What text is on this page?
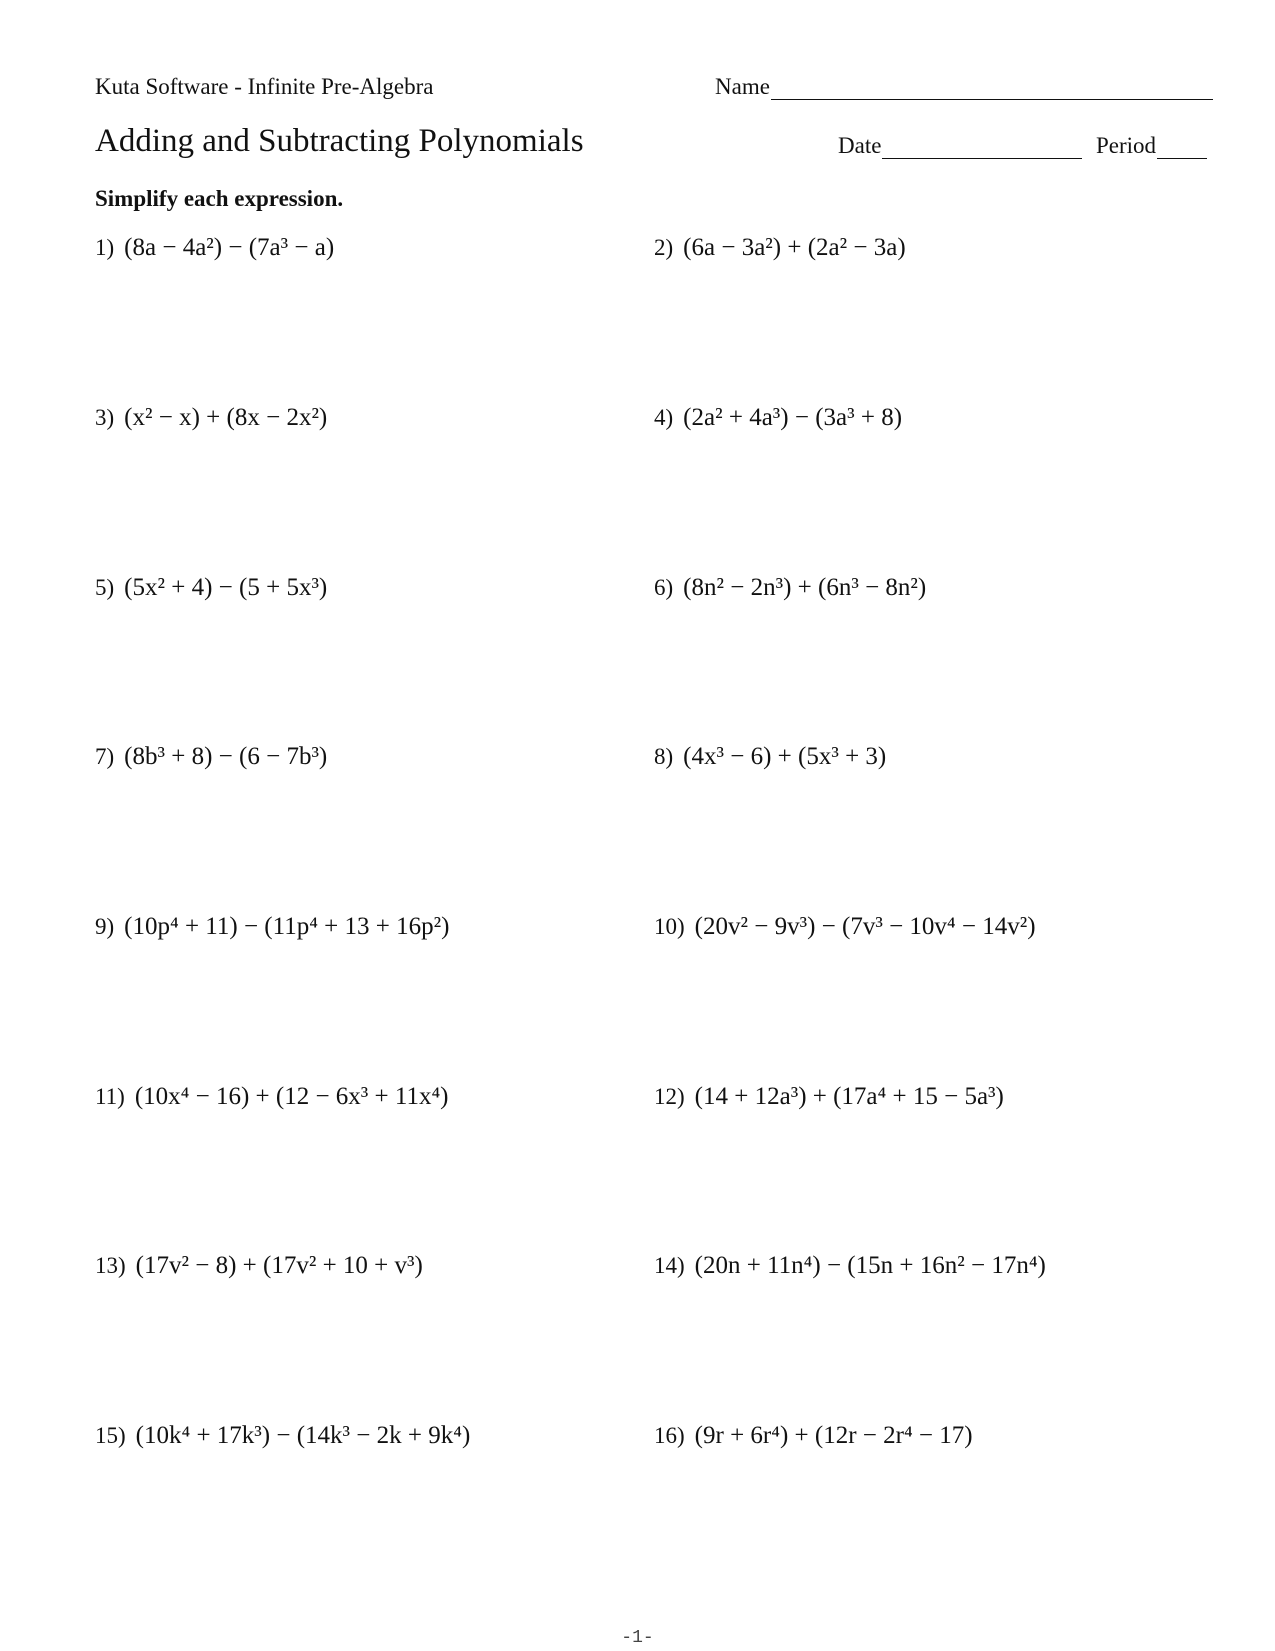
Kuta Software - Infinite Pre-Algebra	Name
Adding and Subtracting Polynomials	Date	Period
Simplify each expression.
1) (8a − 4a²) − (7a³ − a)	2) (6a − 3a²) + (2a² − 3a)
3) (x² − x) + (8x − 2x²)	4) (2a² + 4a³) − (3a³ + 8)
5) (5x² + 4) − (5 + 5x³)	6) (8n² − 2n³) + (6n³ − 8n²)
7) (8b³ + 8) − (6 − 7b³)	8) (4x³ − 6) + (5x³ + 3)
9) (10p⁴ + 11) − (11p⁴ + 13 + 16p²)	10) (20v² − 9v³) − (7v³ − 10v⁴ − 14v²)
11) (10x⁴ − 16) + (12 − 6x³ + 11x⁴)	12) (14 + 12a³) + (17a⁴ + 15 − 5a³)
13) (17v² − 8) + (17v² + 10 + v³)	14) (20n + 11n⁴) − (15n + 16n² − 17n⁴)
15) (10k⁴ + 17k³) − (14k³ − 2k + 9k⁴)	16) (9r + 6r⁴) + (12r − 2r⁴ − 17)
-1-
